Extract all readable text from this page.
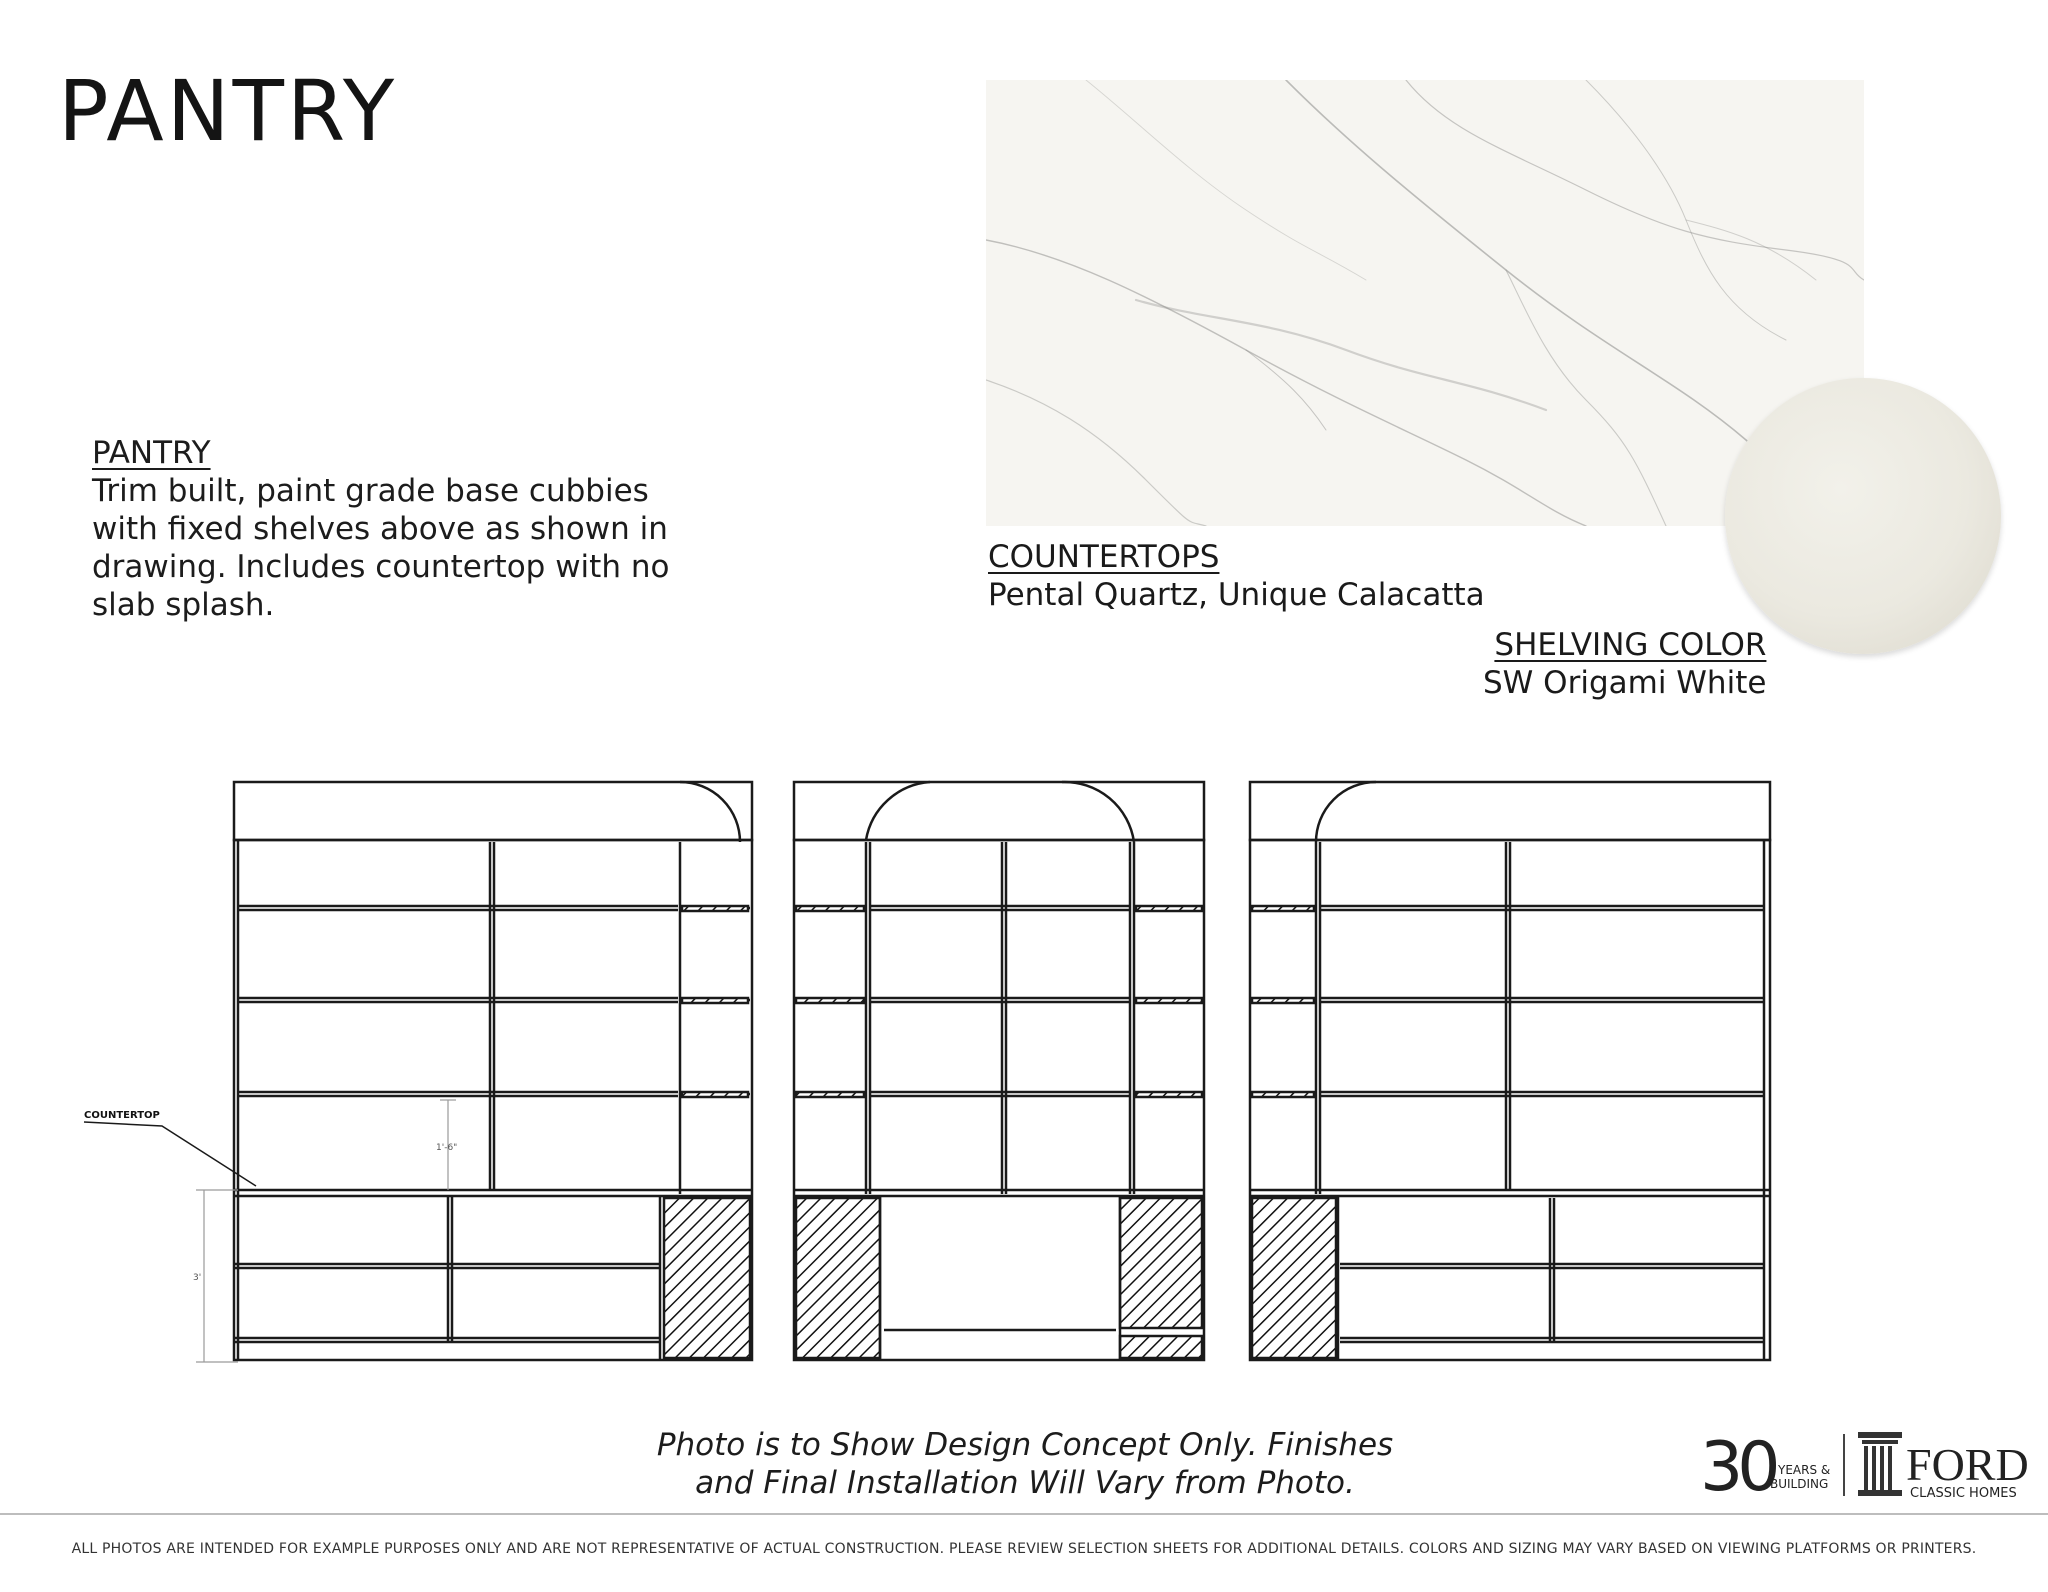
PANTRY
PANTRY
Trim built, paint grade base cubbies
with fixed shelves above as shown in
drawing. Includes countertop with no
slab splash.
COUNTERTOPS
Pental Quartz, Unique Calacatta
SHELVING COLOR
SW Origami White
COUNTERTOP
1'-6"
3'
Photo is to Show Design Concept Only. Finishes
and Final Installation Will Vary from Photo.	30 YEARS &
BUILDING FORD
CLASSIC HOMES
ALL PHOTOS ARE INTENDED FOR EXAMPLE PURPOSES ONLY AND ARE NOT REPRESENTATIVE OF ACTUAL CONSTRUCTION. PLEASE REVIEW SELECTION SHEETS FOR ADDITIONAL DETAILS. COLORS AND SIZING MAY VARY BASED ON VIEWING PLATFORMS OR PRINTERS.
